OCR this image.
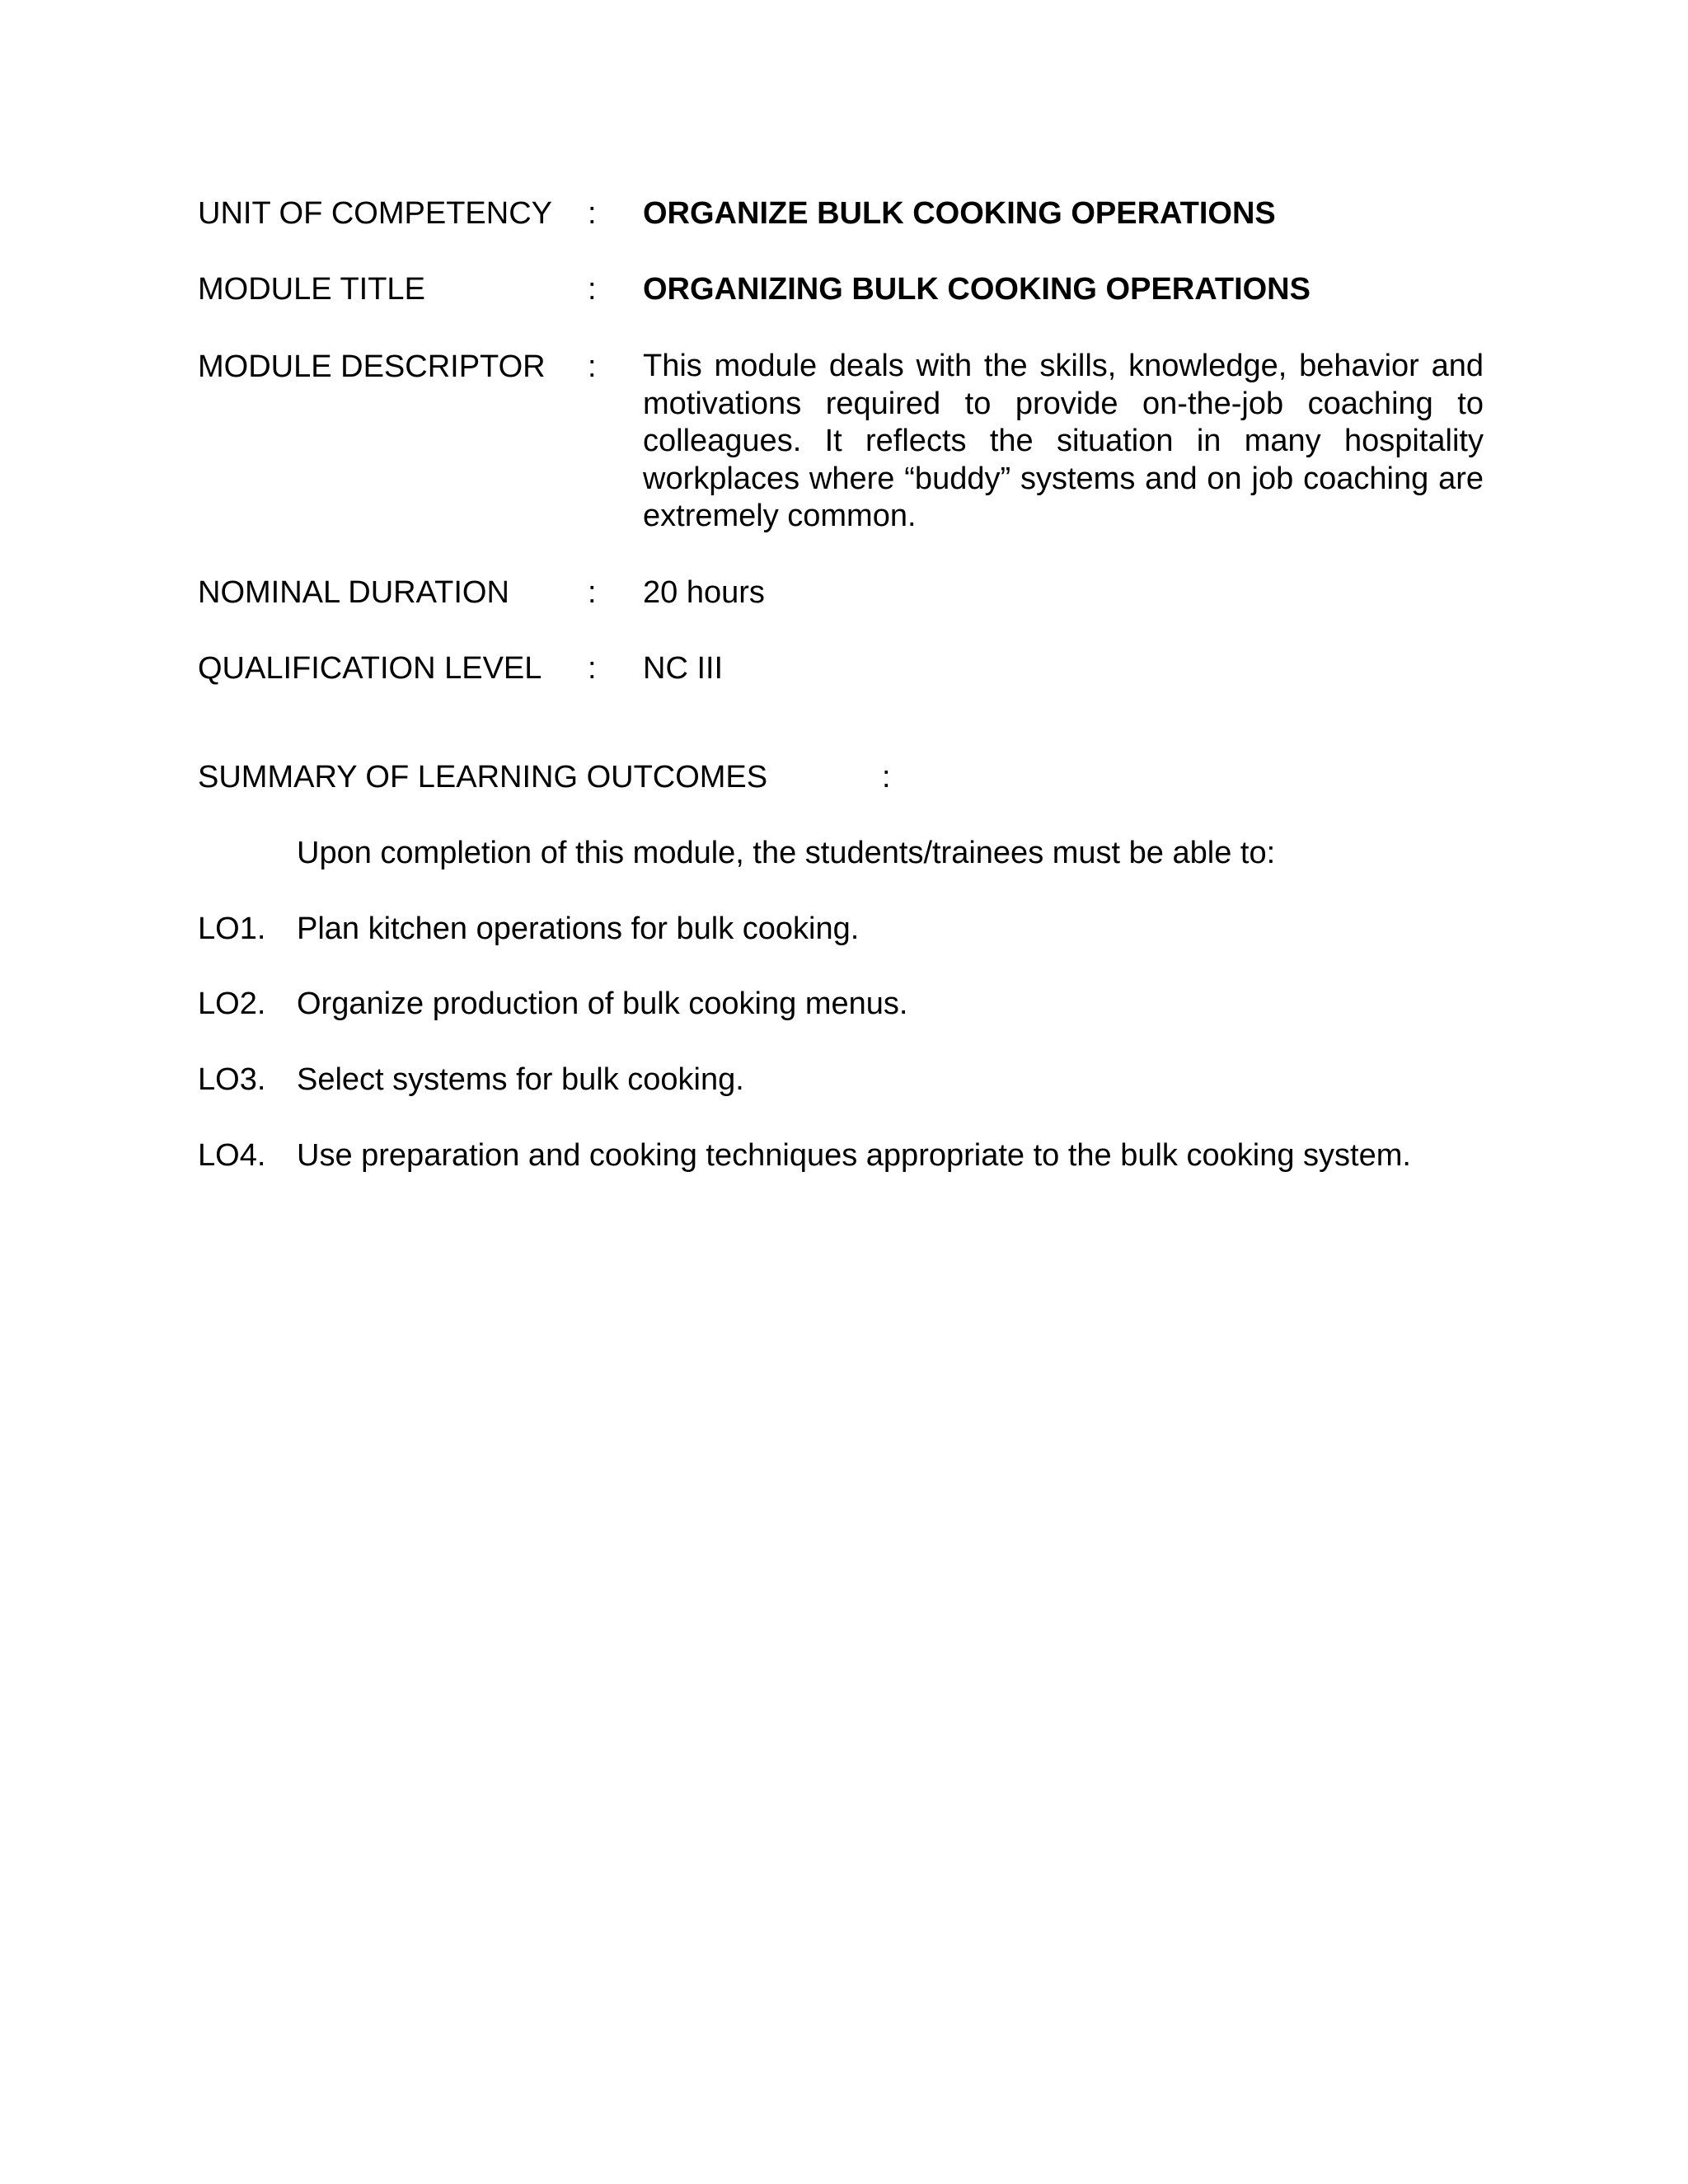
UNIT OF COMPETENCY	: ORGANIZE BULK COOKING OPERATIONS
MODULE TITLE	: ORGANIZING BULK COOKING OPERATIONS
MODULE DESCRIPTOR	: This module deals with the skills, knowledge, behavior and motivations required to provide on-the-job coaching to colleagues. It reflects the situation in many hospitality workplaces where “buddy” systems and on job coaching are extremely common.
NOMINAL DURATION	: 20 hours
QUALIFICATION LEVEL	: NC III
SUMMARY OF LEARNING OUTCOMES	:
Upon completion of this module, the students/trainees must be able to:
LO1. Plan kitchen operations for bulk cooking.
LO2. Organize production of bulk cooking menus.
LO3. Select systems for bulk cooking.
LO4. Use preparation and cooking techniques appropriate to the bulk cooking system.
